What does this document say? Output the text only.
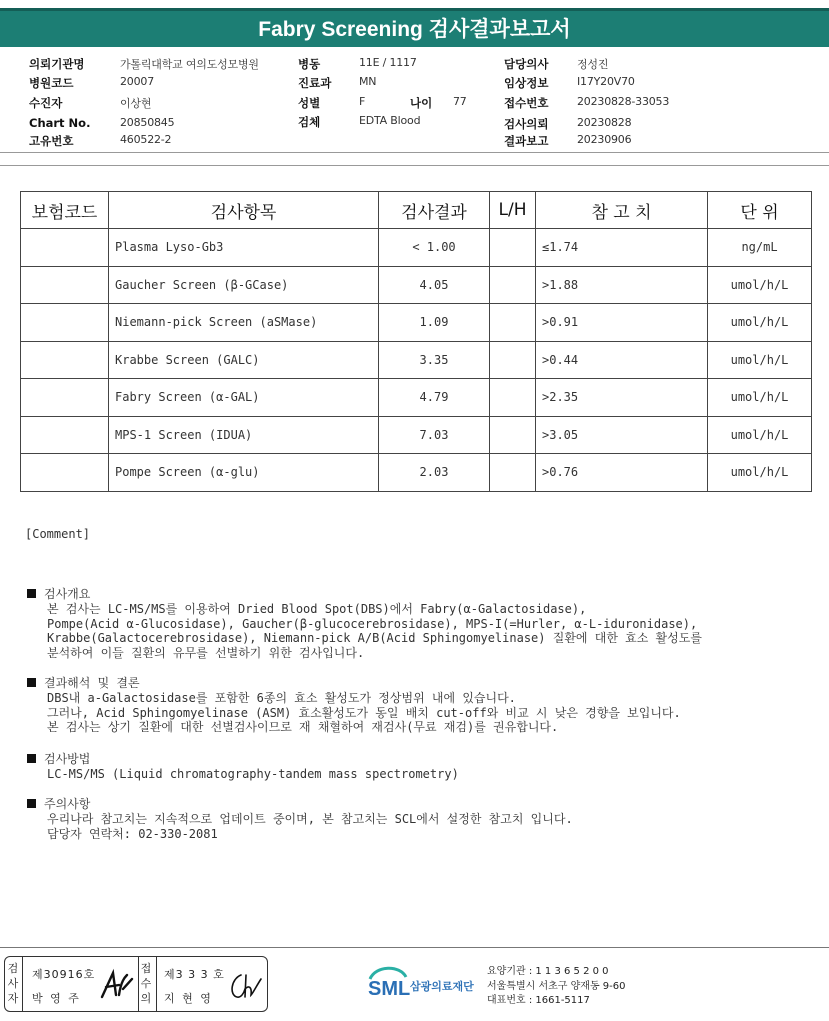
Fabry Screening 검사결과보고서
의뢰기관명	가톨릭대학교 여의도성모병원
병원코드	20007
수진자	이상현
Chart No.	20850845
고유번호	460522-2
병동	11E / 1117
진료과	MN
성별	F	나이 77
검체	EDTA Blood
담당의사	정성진
임상정보	I17Y20V70
접수번호	20230828-33053
검사의뢰	20230828
결과보고	20230906
보험코드	검사항목	검사결과	L/H	참 고 치	단 위
	Plasma Lyso-Gb3	< 1.00		≤1.74	ng/mL
	Gaucher Screen (β-GCase)	4.05		>1.88	umol/h/L
	Niemann-pick Screen (aSMase)	1.09		>0.91	umol/h/L
	Krabbe Screen (GALC)	3.35		>0.44	umol/h/L
	Fabry Screen (α-GAL)	4.79		>2.35	umol/h/L
	MPS-1 Screen (IDUA)	7.03		>3.05	umol/h/L
	Pompe Screen (α-glu)	2.03		>0.76	umol/h/L
[Comment]
검사개요
본 검사는 LC-MS/MS를 이용하여 Dried Blood Spot(DBS)에서 Fabry(α-Galactosidase),
Pompe(Acid α-Glucosidase), Gaucher(β-glucocerebrosidase), MPS-I(=Hurler, α-L-iduronidase),
Krabbe(Galactocerebrosidase), Niemann-pick A/B(Acid Sphingomyelinase) 질환에 대한 효소 활성도를
분석하여 이들 질환의 유무를 선별하기 위한 검사입니다.
결과해석 및 결론
DBS내 a-Galactosidase를 포함한 6종의 효소 활성도가 정상범위 내에 있습니다.
그러나, Acid Sphingomyelinase (ASM) 효소활성도가 동일 배치 cut-off와 비교 시 낮은 경향을 보입니다.
본 검사는 상기 질환에 대한 선별검사이므로 재 채혈하여 재검사(무료 재검)를 권유합니다.
검사방법
LC-MS/MS (Liquid chromatography-tandem mass spectrometry)
주의사항
우리나라 참고치는 지속적으로 업데이트 중이며, 본 참고치는 SCL에서 설정한 참고치 입니다.
담당자 연락처: 02-330-2081
검
사
자
제30916호
박 영 주
접
수
의
제3 3 3 호
지 현 영	SML 삼광의료재단
요양기관 : 1 1 3 6 5 2 0 0
서울특별시 서초구 양재동 9-60
대표번호 : 1661-5117
